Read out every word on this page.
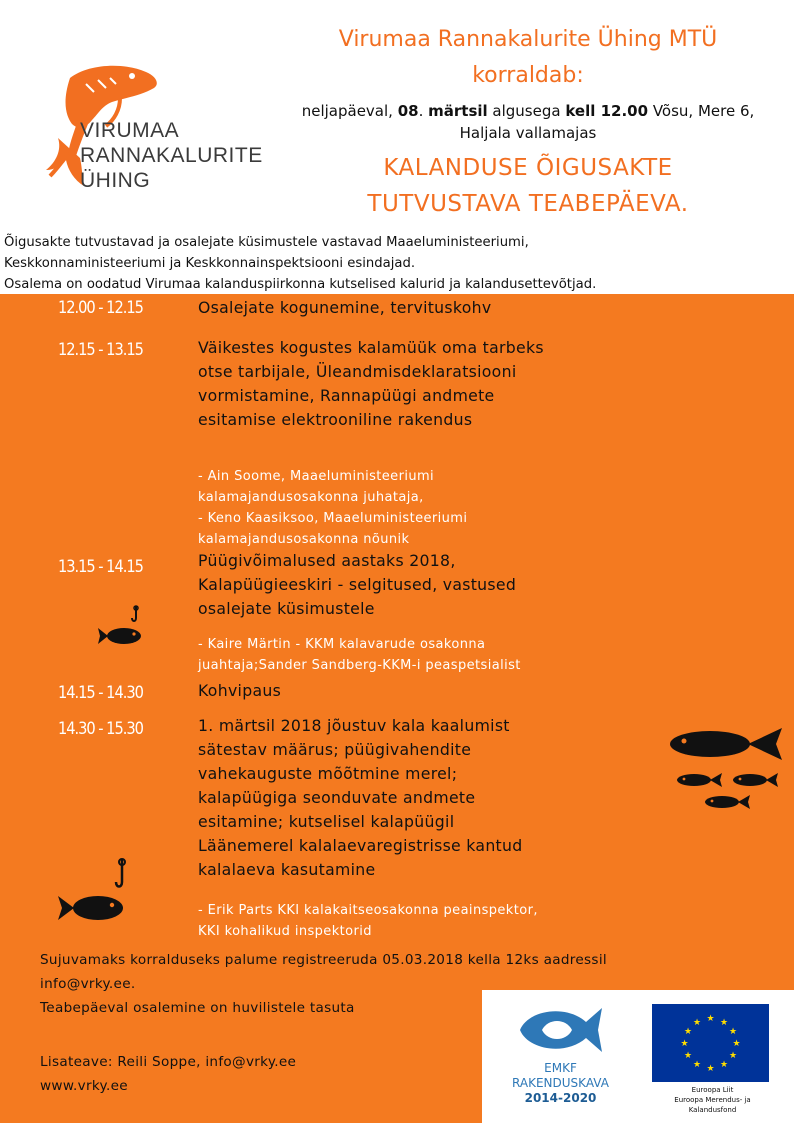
VIRUMAA
RANNAKALURITE
ÜHING
Virumaa Rannakalurite Ühing MTÜ
korraldab:
neljapäeval, 08. märtsil algusega kell 12.00 Võsu, Mere 6,
Haljala vallamajas
KALANDUSE ÕIGUSAKTE
TUTVUSTAVA TEABEPÄEVA.
Õigusakte tutvustavad ja osalejate küsimustele vastavad Maaeluministeeriumi,
Keskkonnaministeeriumi ja Keskkonnainspektsiooni esindajad.
Osalema on oodatud Virumaa kalanduspiirkonna kutselised kalurid ja kalandusettevõtjad.
12.00 - 12.15	Osalejate kogunemine, tervituskohv
12.15 - 13.15	Väikestes kogustes kalamüük oma tarbeks
otse tarbijale, Üleandmisdeklaratsiooni
vormistamine, Rannapüügi andmete
esitamise elektrooniline rakendus
- Ain Soome, Maaeluministeeriumi
kalamajandusosakonna juhataja,
- Keno Kaasiksoo, Maaeluministeeriumi
kalamajandusosakonna nõunik
13.15 - 14.15	Püügivõimalused aastaks 2018,
Kalapüügieeskiri - selgitused, vastused
osalejate küsimustele
- Kaire Märtin - KKM kalavarude osakonna
juahtaja;Sander Sandberg-KKM-i peaspetsialist
14.15 - 14.30	Kohvipaus
14.30 - 15.30	1. märtsil 2018 jõustuv kala kaalumist
sätestav määrus; püügivahendite
vahekauguste mõõtmine merel;
kalapüügiga seonduvate andmete
esitamine; kutselisel kalapüügil
Läänemerel kalalaevaregistrisse kantud
kalalaeva kasutamine
- Erik Parts KKI kalakaitseosakonna peainspektor,
KKI kohalikud inspektorid
Sujuvamaks korralduseks palume registreeruda 05.03.2018 kella 12ks aadressil
info@vrky.ee.
Teabepäeval osalemine on huvilistele tasuta
Lisateave: Reili Soppe, info@vrky.ee
www.vrky.ee
EMKF
RAKENDUSKAVA
2014-2020
★ ★
★
★
★
★
★
★
★
★
★
★
Euroopa Liit
Euroopa Merendus- ja Kalandusfond
